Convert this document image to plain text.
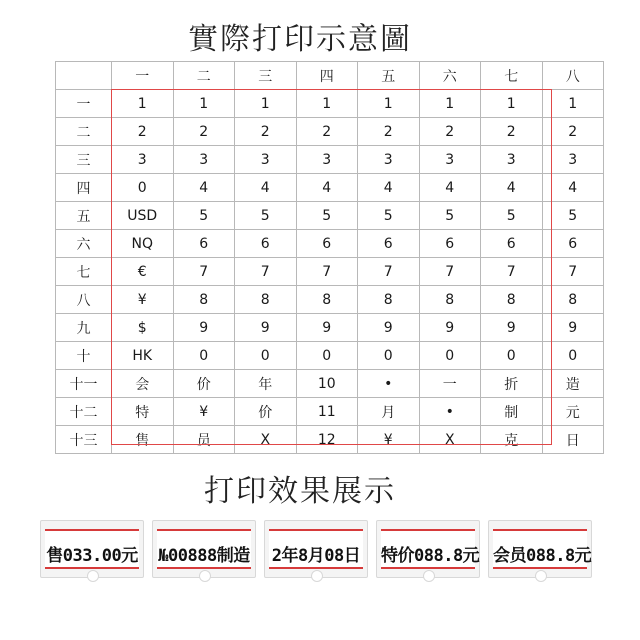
實際打印示意圖
	一	二	三	四	五	六	七	八
一	1	1	1	1	1	1	1	1
二	2	2	2	2	2	2	2	2
三	3	3	3	3	3	3	3	3
四	0	4	4	4	4	4	4	4
五	USD	5	5	5	5	5	5	5
六	NQ	6	6	6	6	6	6	6
七	€	7	7	7	7	7	7	7
八	¥	8	8	8	8	8	8	8
九	$	9	9	9	9	9	9	9
十	HK	0	0	0	0	0	0	0
十一	会	价	年	10	•	一	折	造
十二	特	¥	价	11	月	•	制	元
十三	售	员	X	12	¥	X	克	日
打印效果展示
售033.00元 №00888制造 2年8月08日 特价088.8元 会员088.8元
